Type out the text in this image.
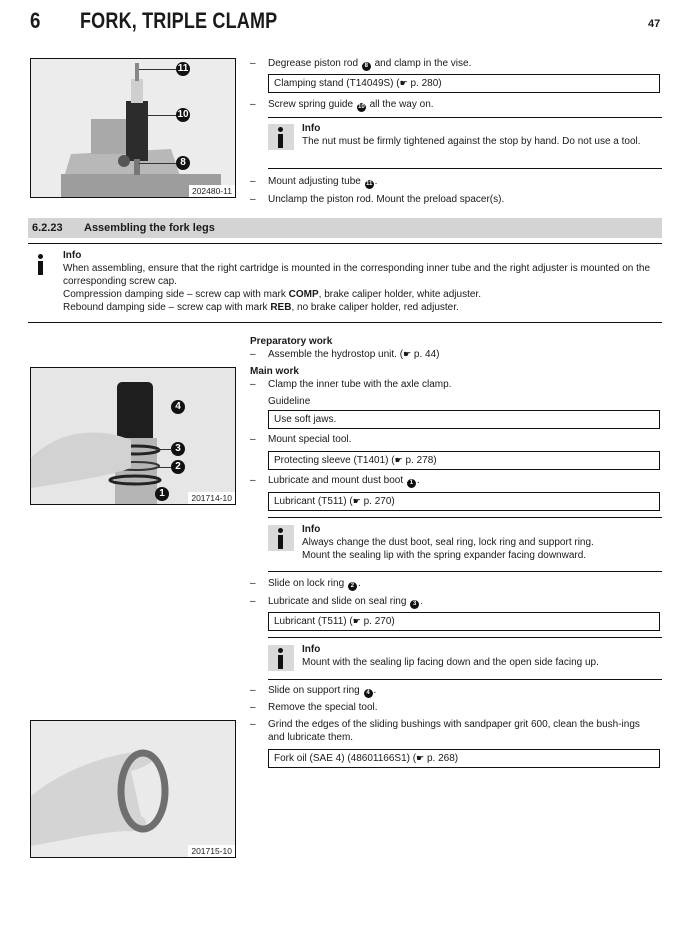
6 FORK, TRIPLE CLAMP	47
11
10
8
202480-11
– Degrease piston rod 8 and clamp in the vise.
Clamping stand (T14049S) (☛ p. 280)
– Screw spring guide 10 all the way on.
Info
The nut must be firmly tightened against the stop by hand. Do not use a tool.
– Mount adjusting tube 11 .
– Unclamp the piston rod. Mount the preload spacer(s).
6.2.23 Assembling the fork legs
Info
When assembling, ensure that the right cartridge is mounted in the corresponding inner tube and the right adjuster is mounted on the corresponding screw cap.
Compression damping side – screw cap with mark COMP, brake caliper holder, white adjuster.
Rebound damping side – screw cap with mark REB, no brake caliper holder, red adjuster.
4
3
2
1	201714-10
Preparatory work
– Assemble the hydrostop unit. (☛ p. 44)
Main work
– Clamp the inner tube with the axle clamp.
Guideline
Use soft jaws.
– Mount special tool.
Protecting sleeve (T1401) (☛ p. 278)
– Lubricate and mount dust boot 1 .
Lubricant (T511) (☛ p. 270)
Info
Always change the dust boot, seal ring, lock ring and support ring.
Mount the sealing lip with the spring expander facing downward.
– Slide on lock ring 2 .
– Lubricate and slide on seal ring 3 .
Lubricant (T511) (☛ p. 270)
Info
Mount with the sealing lip facing down and the open side facing up.
– Slide on support ring 4 .
– Remove the special tool.
– Grind the edges of the sliding bushings with sandpaper grit 600, clean the bush-ings and lubricate them.
Fork oil (SAE 4) (48601166S1) (☛ p. 268)
201715-10
